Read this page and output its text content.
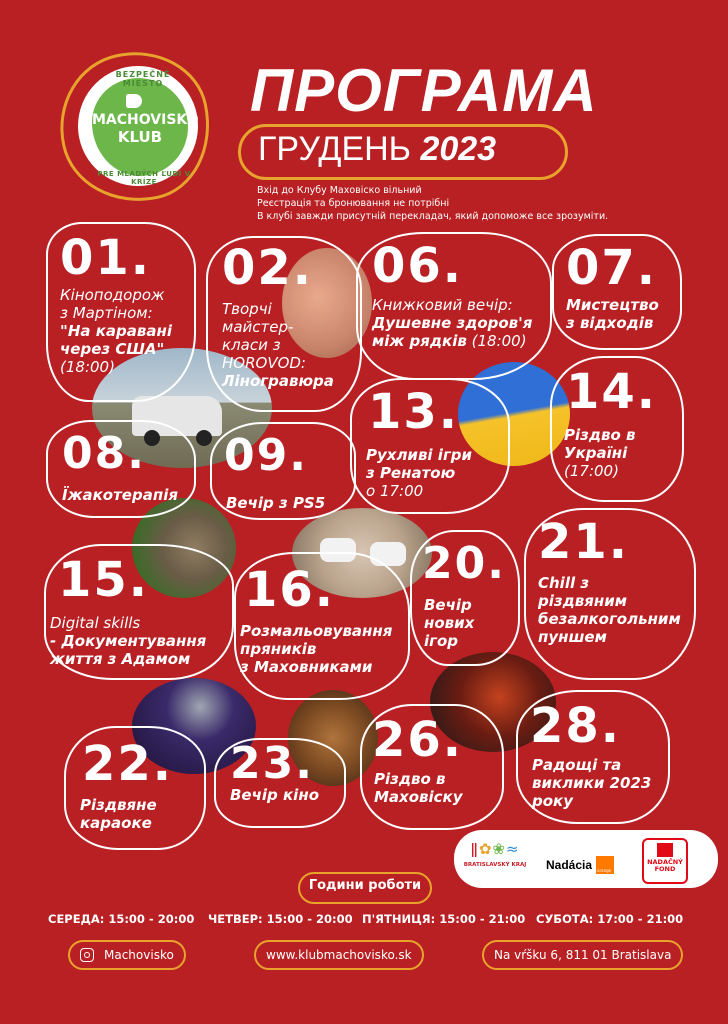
BEZPEČNÉ MIESTO
MACHOVISKO
KLUB
PRE MLADÝCH ĽUDÍ V KRÍZE
ПРОГРАМА
ГРУДЕНЬ 2023
Вхід до Клубу Маховіско вільний
Реєстрація та бронювання не потрібні
В клубі завжди присутній перекладач, який допоможе все зрозуміти.
01.
Кіноподорож
з Мартіном:
"На каравані
через США"
(18:00)
02.
Творчі
майстер-
класи з
HOROVOD:
Ліногравюра
06.
Книжковий вечір:
Душевне здоров'я
між рядків (18:00)
07.
Мистецтво
з відходів
13.
Рухливі ігри
з Ренатою
о 17:00
14.
Різдво в
Україні
(17:00)
08.
Їжакотерапія
09.
Вечір з PS5
15.
Digital skills
- Документування
життя з Адамом
16.
Розмальовування
пряників
з Маховниками
20.
Вечір
нових
ігор
21.
Chill з
різдвяним
безалкогольним
пуншем
22.
Різдвяне
караоке
23.
Вечір кіно
26.
Різдво в
Маховіску
28.
Радощі та
виклики 2023
року
ǁ✿❀≈
BRATISLAVSKÝ KRAJ Nadácia orange
NADAČNÝ FOND
Години роботи
СЕРЕДА: 15:00 - 20:00 ЧЕТВЕР: 15:00 - 20:00 П'ЯТНИЦЯ: 15:00 - 21:00 СУБОТА: 17:00 - 21:00
Machovisko	www.klubmachovisko.sk	Na vŕšku 6, 811 01 Bratislava
